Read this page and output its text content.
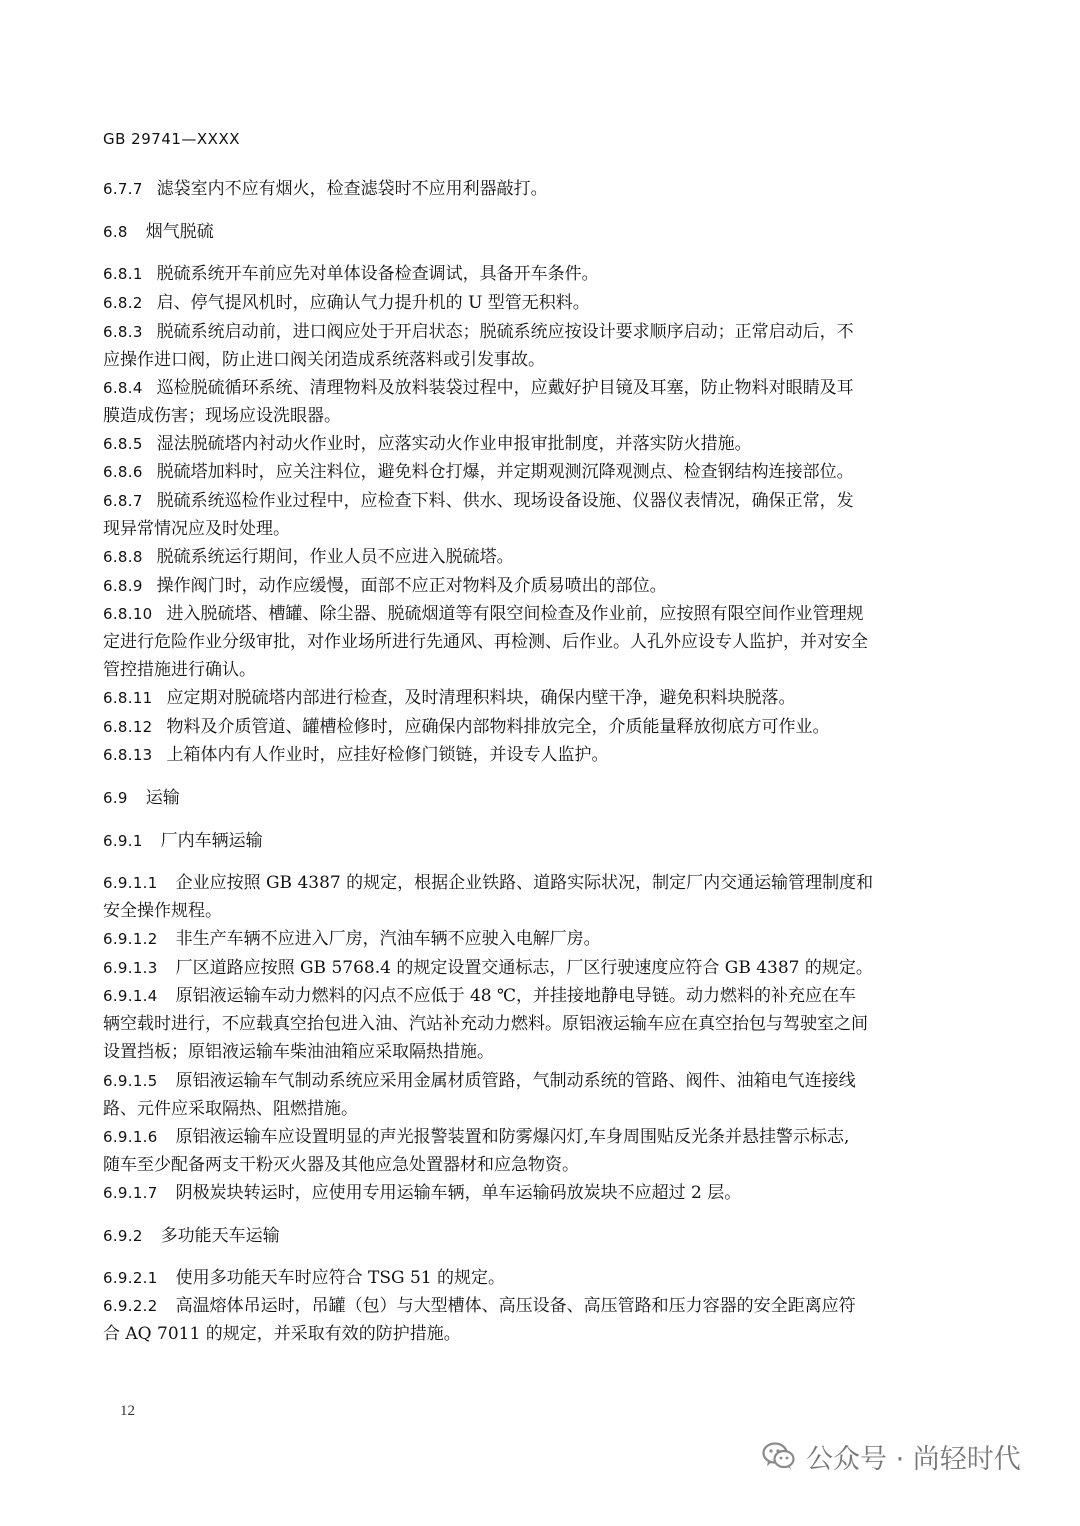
GB 29741—XXXX
6.7.7 滤袋室内不应有烟火，检查滤袋时不应用利器敲打。
6.8 烟气脱硫
6.8.1 脱硫系统开车前应先对单体设备检查调试，具备开车条件。
6.8.2 启、停气提风机时，应确认气力提升机的 U 型管无积料。
6.8.3 脱硫系统启动前，进口阀应处于开启状态；脱硫系统应按设计要求顺序启动；正常启动后，不
应操作进口阀，防止进口阀关闭造成系统落料或引发事故。
6.8.4 巡检脱硫循环系统、清理物料及放料装袋过程中，应戴好护目镜及耳塞，防止物料对眼睛及耳
膜造成伤害；现场应设洗眼器。
6.8.5 湿法脱硫塔内衬动火作业时，应落实动火作业申报审批制度，并落实防火措施。
6.8.6 脱硫塔加料时，应关注料位，避免料仓打爆，并定期观测沉降观测点、检查钢结构连接部位。
6.8.7 脱硫系统巡检作业过程中，应检查下料、供水、现场设备设施、仪器仪表情况，确保正常，发
现异常情况应及时处理。
6.8.8 脱硫系统运行期间，作业人员不应进入脱硫塔。
6.8.9 操作阀门时，动作应缓慢，面部不应正对物料及介质易喷出的部位。
6.8.10 进入脱硫塔、槽罐、除尘器、脱硫烟道等有限空间检查及作业前，应按照有限空间作业管理规
定进行危险作业分级审批，对作业场所进行先通风、再检测、后作业。人孔外应设专人监护，并对安全
管控措施进行确认。
6.8.11 应定期对脱硫塔内部进行检查，及时清理积料块，确保内壁干净，避免积料块脱落。
6.8.12 物料及介质管道、罐槽检修时，应确保内部物料排放完全，介质能量释放彻底方可作业。
6.8.13 上箱体内有人作业时，应挂好检修门锁链，并设专人监护。
6.9 运输
6.9.1 厂内车辆运输
6.9.1.1 企业应按照 GB 4387 的规定，根据企业铁路、道路实际状况，制定厂内交通运输管理制度和
安全操作规程。
6.9.1.2 非生产车辆不应进入厂房，汽油车辆不应驶入电解厂房。
6.9.1.3 厂区道路应按照 GB 5768.4 的规定设置交通标志，厂区行驶速度应符合 GB 4387 的规定。
6.9.1.4 原铝液运输车动力燃料的闪点不应低于 48 ℃，并挂接地静电导链。动力燃料的补充应在车
辆空载时进行，不应载真空抬包进入油、汽站补充动力燃料。原铝液运输车应在真空抬包与驾驶室之间
设置挡板；原铝液运输车柴油油箱应采取隔热措施。
6.9.1.5 原铝液运输车气制动系统应采用金属材质管路，气制动系统的管路、阀件、油箱电气连接线
路、元件应采取隔热、阻燃措施。
6.9.1.6 原铝液运输车应设置明显的声光报警装置和防雾爆闪灯,车身周围贴反光条并悬挂警示标志,
随车至少配备两支干粉灭火器及其他应急处置器材和应急物资。
6.9.1.7 阴极炭块转运时，应使用专用运输车辆，单车运输码放炭块不应超过 2 层。
6.9.2 多功能天车运输
6.9.2.1 使用多功能天车时应符合 TSG 51 的规定。
6.9.2.2 高温熔体吊运时，吊罐（包）与大型槽体、高压设备、高压管路和压力容器的安全距离应符
合 AQ 7011 的规定，并采取有效的防护措施。
12
公众号 · 尚轻时代
